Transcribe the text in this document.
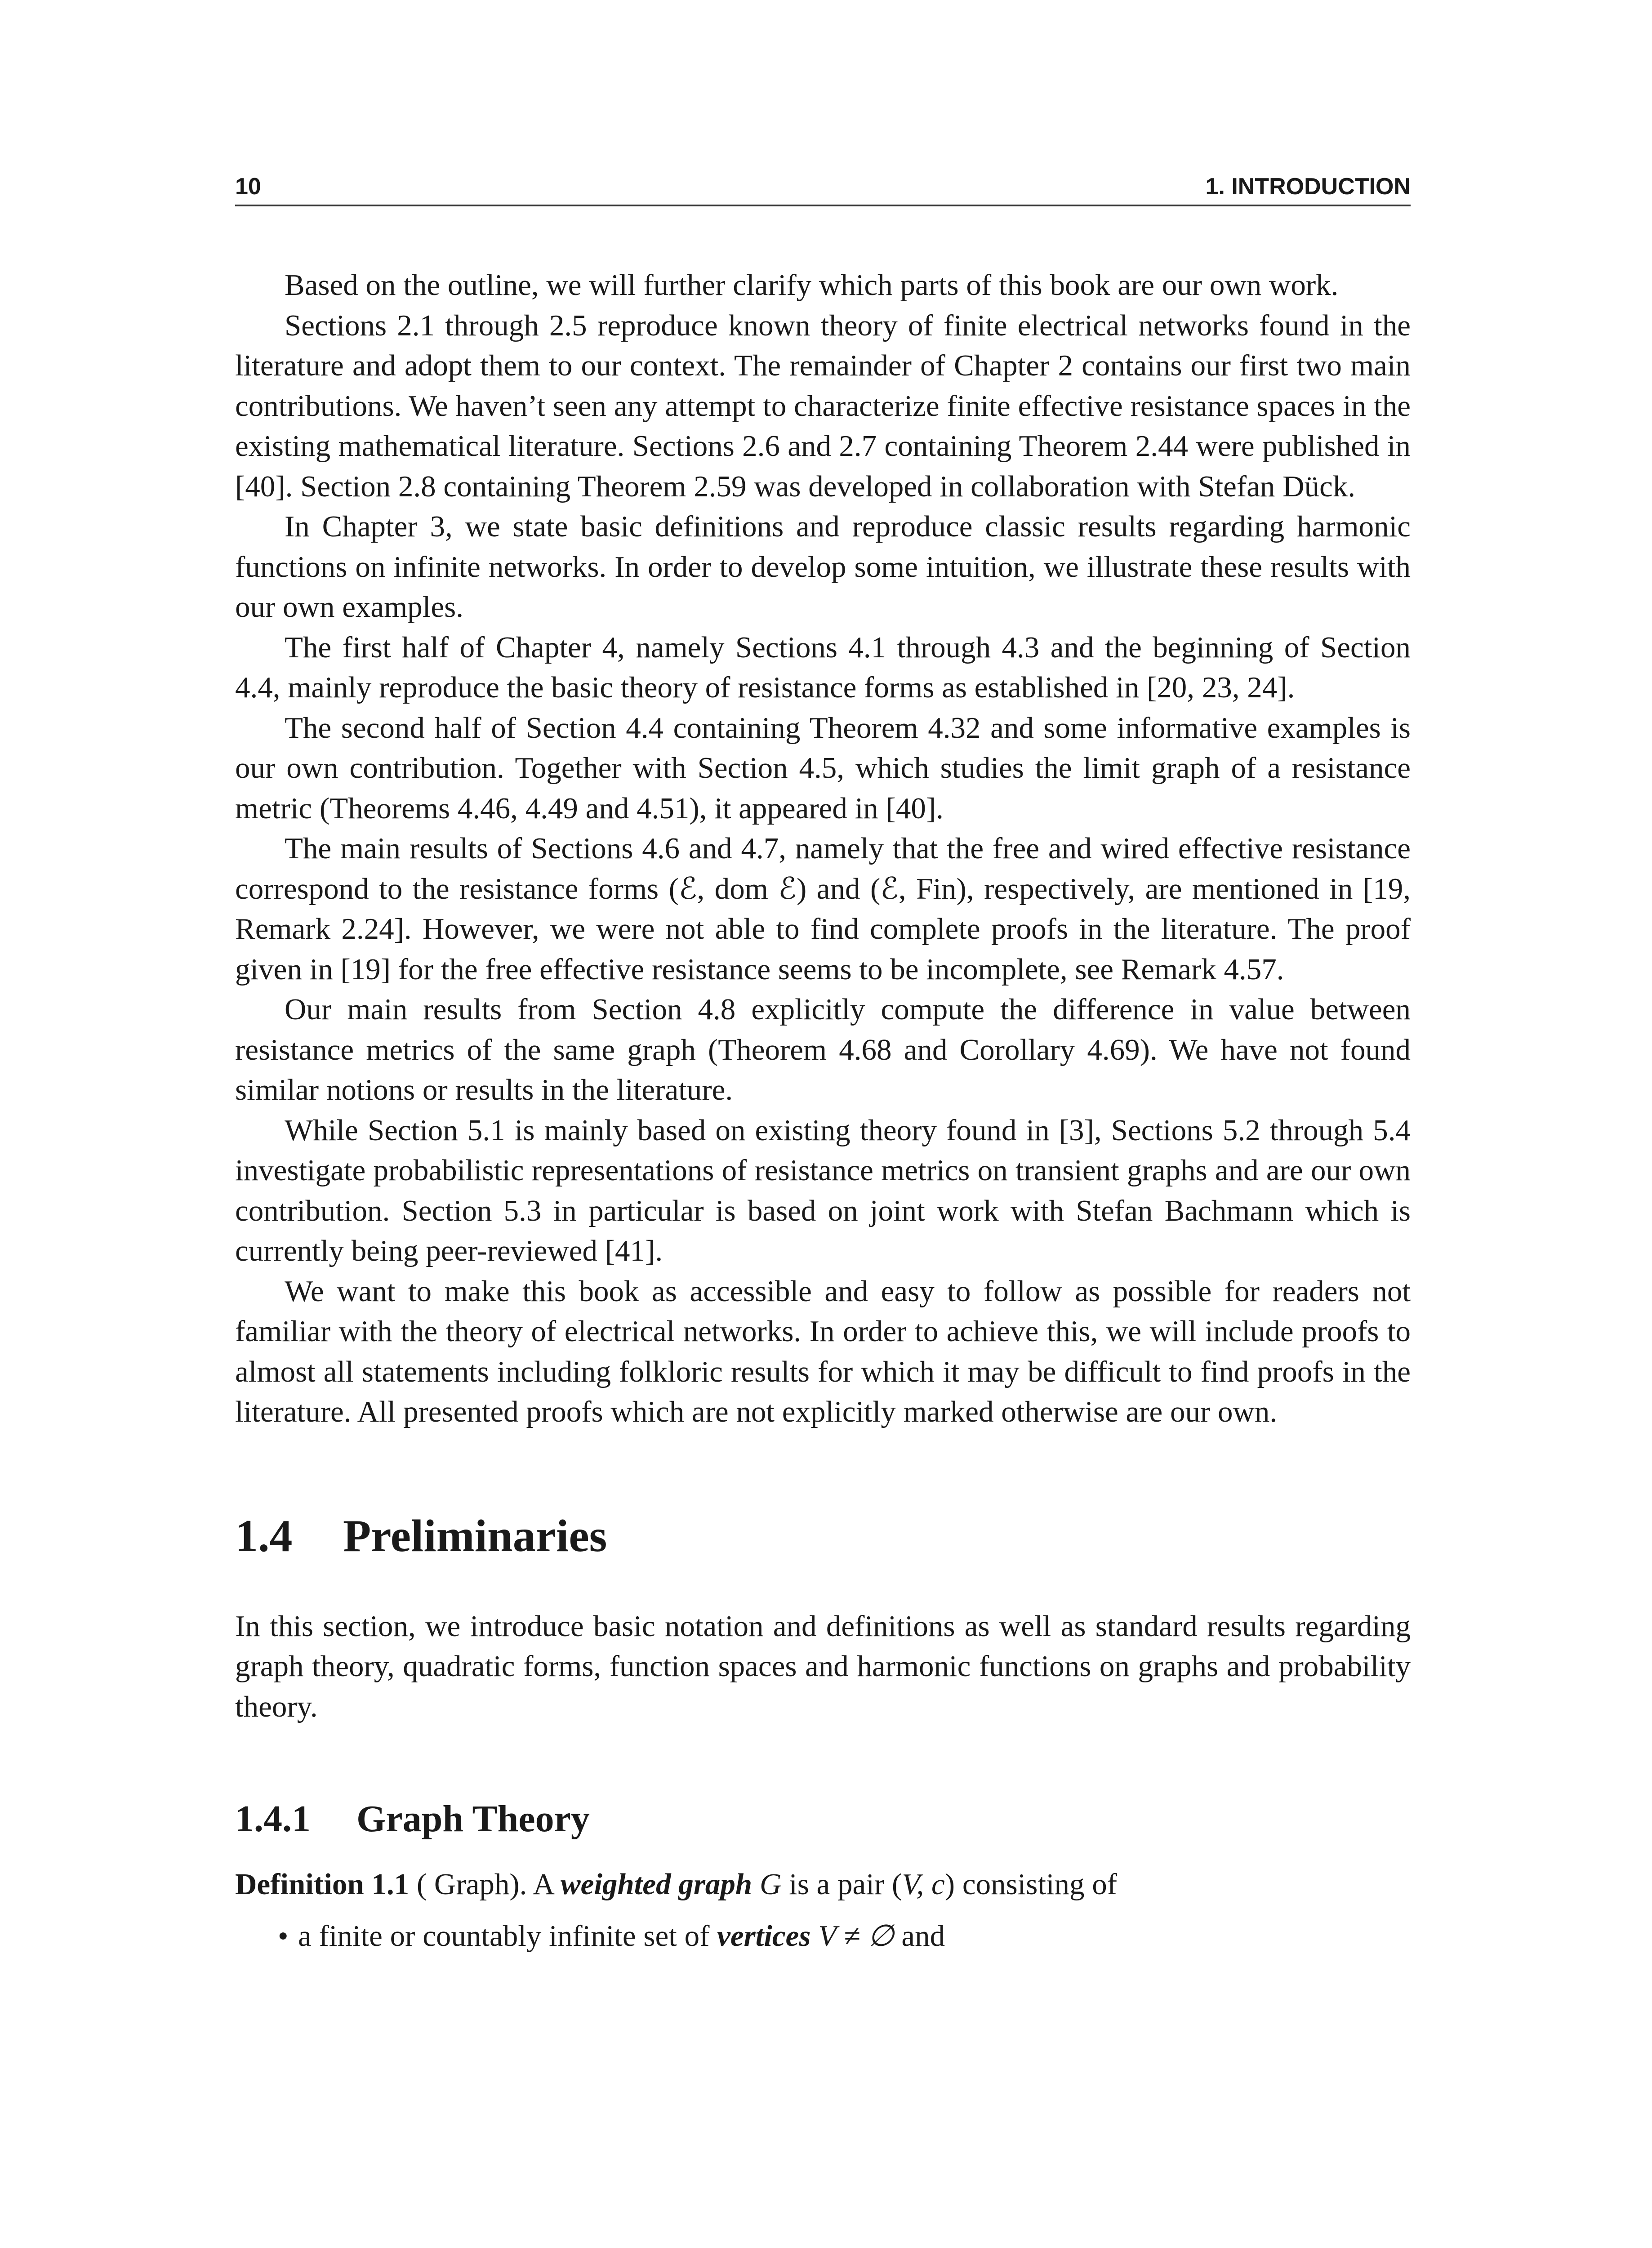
10	1. INTRODUCTION

Based on the outline, we will further clarify which parts of this book are our own work.

Sections 2.1 through 2.5 reproduce known theory of finite electrical networks found in the literature and adopt them to our context. The remainder of Chapter 2 contains our first two main contributions. We haven’t seen any attempt to characterize finite effective resistance spaces in the existing mathematical literature. Sections 2.6 and 2.7 containing Theorem 2.44 were published in [40]. Section 2.8 containing Theorem 2.59 was developed in collaboration with Stefan Dück.

In Chapter 3, we state basic definitions and reproduce classic results regarding harmonic functions on infinite networks. In order to develop some intuition, we illustrate these results with our own examples.

The first half of Chapter 4, namely Sections 4.1 through 4.3 and the beginning of Section 4.4, mainly reproduce the basic theory of resistance forms as established in [20, 23, 24].

The second half of Section 4.4 containing Theorem 4.32 and some informative examples is our own contribution. Together with Section 4.5, which studies the limit graph of a resistance metric (Theorems 4.46, 4.49 and 4.51), it appeared in [40].

The main results of Sections 4.6 and 4.7, namely that the free and wired effective resistance correspond to the resistance forms (ℰ, dom ℰ) and (ℰ, Fin), respectively, are mentioned in [19, Remark 2.24]. However, we were not able to find complete proofs in the literature. The proof given in [19] for the free effective resistance seems to be incomplete, see Remark 4.57.

Our main results from Section 4.8 explicitly compute the difference in value between resistance metrics of the same graph (Theorem 4.68 and Corollary 4.69). We have not found similar notions or results in the literature.

While Section 5.1 is mainly based on existing theory found in [3], Sections 5.2 through 5.4 investigate probabilistic representations of resistance metrics on transient graphs and are our own contribution. Section 5.3 in particular is based on joint work with Stefan Bachmann which is currently being peer-reviewed [41].

We want to make this book as accessible and easy to follow as possible for readers not familiar with the theory of electrical networks. In order to achieve this, we will include proofs to almost all statements including folkloric results for which it may be difficult to find proofs in the literature. All presented proofs which are not explicitly marked otherwise are our own.

1.4 Preliminaries

In this section, we introduce basic notation and definitions as well as standard results regarding graph theory, quadratic forms, function spaces and harmonic functions on graphs and probability theory.

1.4.1 Graph Theory

Definition 1.1 ( Graph). A weighted graph G is a pair (V, c) consisting of

• a finite or countably infinite set of vertices V ≠ ∅ and
